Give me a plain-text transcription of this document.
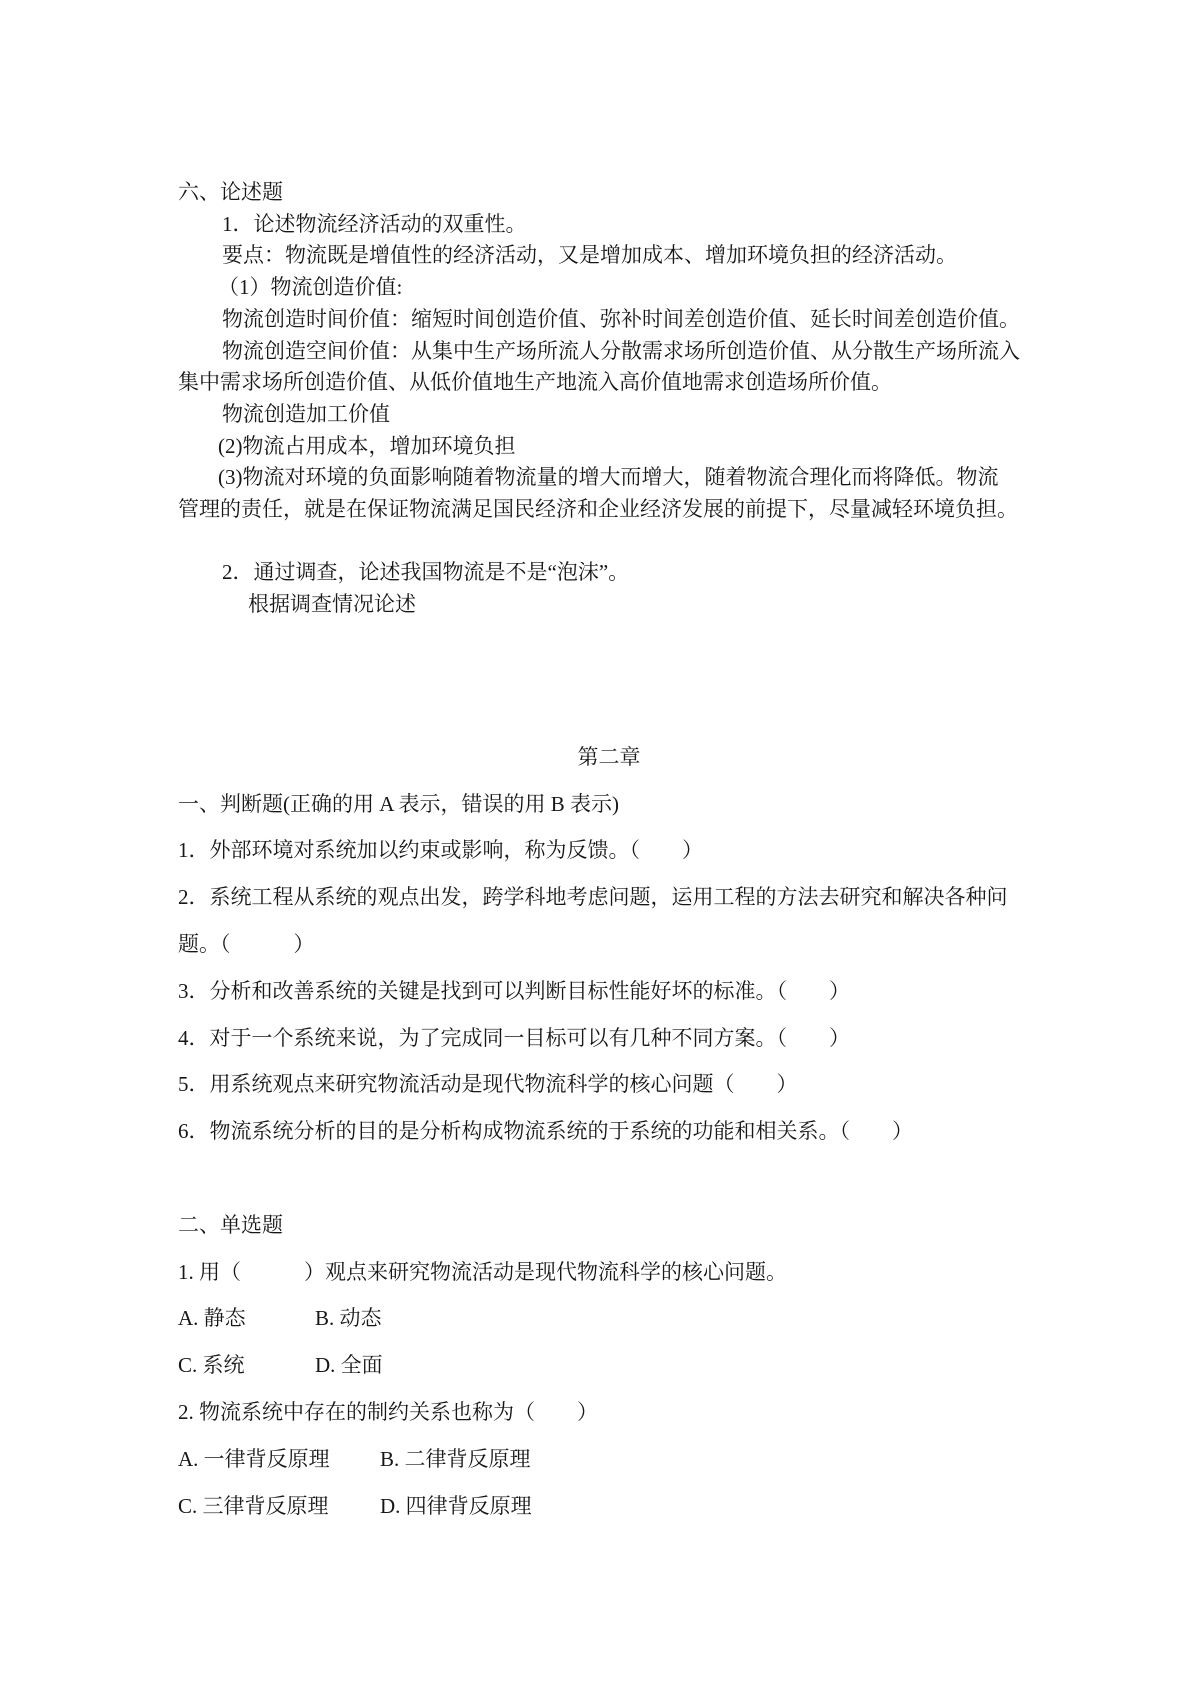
六、论述题
1．论述物流经济活动的双重性。
要点：物流既是增值性的经济活动，又是增加成本、增加环境负担的经济活动。
（1）物流创造价值:
物流创造时间价值：缩短时间创造价值、弥补时间差创造价值、延长时间差创造价值。
物流创造空间价值：从集中生产场所流人分散需求场所创造价值、从分散生产场所流入
集中需求场所创造价值、从低价值地生产地流入高价值地需求创造场所价值。
物流创造加工价值
(2)物流占用成本，增加环境负担
(3)物流对环境的负面影响随着物流量的增大而增大，随着物流合理化而将降低。物流
管理的责任，就是在保证物流满足国民经济和企业经济发展的前提下，尽量减轻环境负担。
2．通过调查，论述我国物流是不是“泡沫”。
根据调查情况论述
第二章
一、判断题(正确的用 A 表示，错误的用 B 表示)
1．外部环境对系统加以约束或影响，称为反馈。（　　）
2．系统工程从系统的观点出发，跨学科地考虑问题，运用工程的方法去研究和解决各种问
题。（　　　）
3．分析和改善系统的关键是找到可以判断目标性能好坏的标准。（　　）
4．对于一个系统来说，为了完成同一目标可以有几种不同方案。（　　）
5．用系统观点来研究物流活动是现代物流科学的核心问题（　　）
6．物流系统分析的目的是分析构成物流系统的于系统的功能和相关系。（　　）
二、单选题
1. 用（　　　）观点来研究物流活动是现代物流科学的核心问题。
A. 静态	B. 动态
C. 系统	D. 全面
2. 物流系统中存在的制约关系也称为（　　）
A. 一律背反原理 B. 二律背反原理
C. 三律背反原理 D. 四律背反原理
